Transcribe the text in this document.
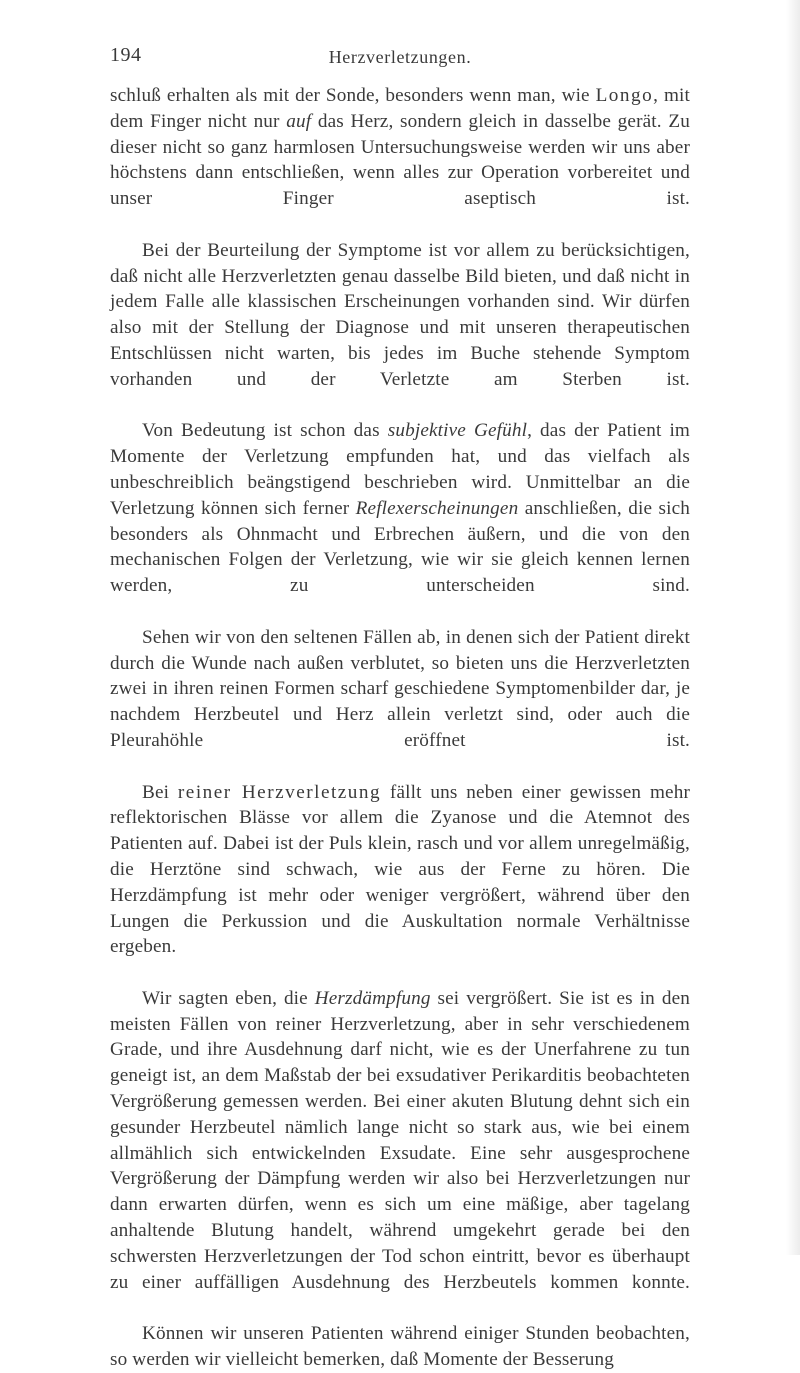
194	Herzverletzungen.

schluß erhalten als mit der Sonde, besonders wenn man, wie Longo, mit dem Finger nicht nur auf das Herz, sondern gleich in dasselbe gerät. Zu dieser nicht so ganz harmlosen Untersuchungsweise werden wir uns aber höchstens dann entschließen, wenn alles zur Operation vorbereitet und unser Finger aseptisch ist.

Bei der Beurteilung der Symptome ist vor allem zu berücksichtigen, daß nicht alle Herzverletzten genau dasselbe Bild bieten, und daß nicht in jedem Falle alle klassischen Erscheinungen vorhanden sind. Wir dürfen also mit der Stellung der Diagnose und mit unseren therapeutischen Entschlüssen nicht warten, bis jedes im Buche stehende Symptom vorhanden und der Verletzte am Sterben ist.

Von Bedeutung ist schon das subjektive Gefühl, das der Patient im Momente der Verletzung empfunden hat, und das vielfach als unbeschreiblich beängstigend beschrieben wird. Unmittelbar an die Verletzung können sich ferner Reflexerscheinungen anschließen, die sich besonders als Ohnmacht und Erbrechen äußern, und die von den mechanischen Folgen der Verletzung, wie wir sie gleich kennen lernen werden, zu unterscheiden sind.

Sehen wir von den seltenen Fällen ab, in denen sich der Patient direkt durch die Wunde nach außen verblutet, so bieten uns die Herzverletzten zwei in ihren reinen Formen scharf geschiedene Symptomenbilder dar, je nachdem Herzbeutel und Herz allein verletzt sind, oder auch die Pleurahöhle eröffnet ist.

Bei reiner Herzverletzung fällt uns neben einer gewissen mehr reflektorischen Blässe vor allem die Zyanose und die Atemnot des Patienten auf. Dabei ist der Puls klein, rasch und vor allem unregelmäßig, die Herztöne sind schwach, wie aus der Ferne zu hören. Die Herzdämpfung ist mehr oder weniger vergrößert, während über den Lungen die Perkussion und die Auskultation normale Verhältnisse ergeben.

Wir sagten eben, die Herzdämpfung sei vergrößert. Sie ist es in den meisten Fällen von reiner Herzverletzung, aber in sehr verschiedenem Grade, und ihre Ausdehnung darf nicht, wie es der Unerfahrene zu tun geneigt ist, an dem Maßstab der bei exsudativer Perikarditis beobachteten Vergrößerung gemessen werden. Bei einer akuten Blutung dehnt sich ein gesunder Herzbeutel nämlich lange nicht so stark aus, wie bei einem allmählich sich entwickelnden Exsudate. Eine sehr ausgesprochene Vergrößerung der Dämpfung werden wir also bei Herzverletzungen nur dann erwarten dürfen, wenn es sich um eine mäßige, aber tagelang anhaltende Blutung handelt, während umgekehrt gerade bei den schwersten Herzverletzungen der Tod schon eintritt, bevor es überhaupt zu einer auffälligen Ausdehnung des Herzbeutels kommen konnte.

Können wir unseren Patienten während einiger Stunden beobachten, so werden wir vielleicht bemerken, daß Momente der Besserung
